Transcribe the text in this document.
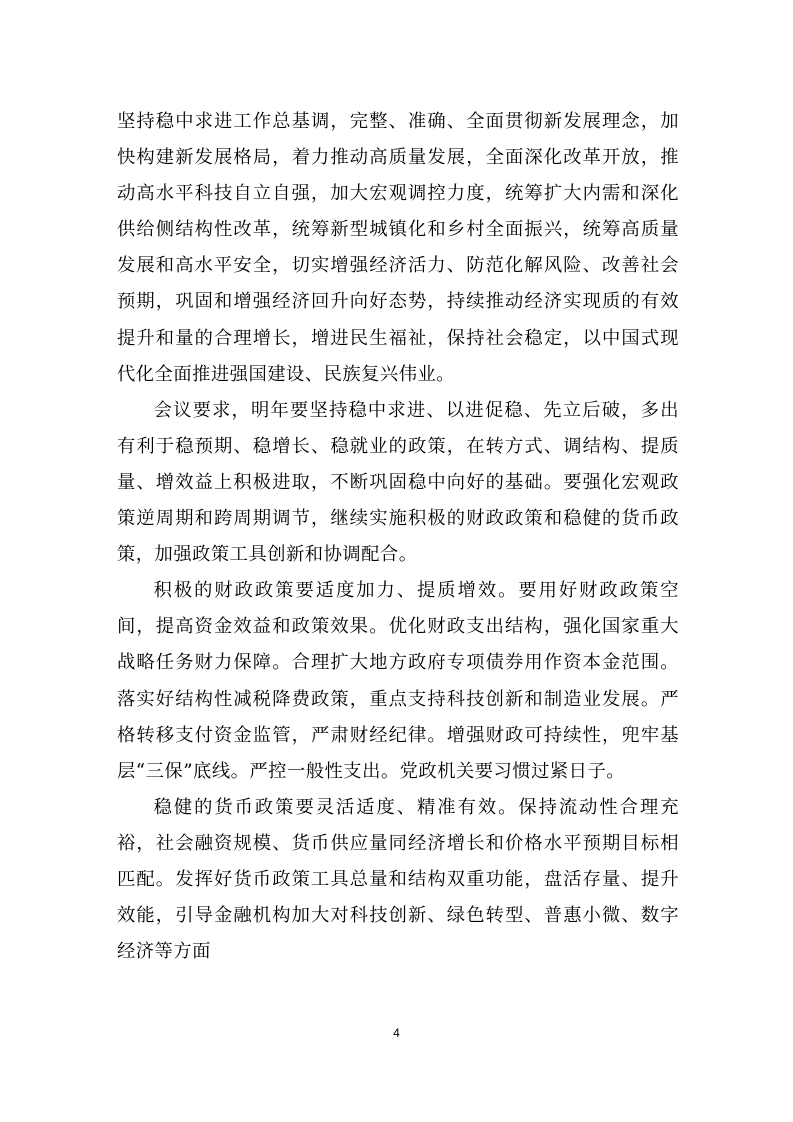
坚持稳中求进工作总基调，完整、准确、全面贯彻新发展理念，加快构建新发展格局，着力推动高质量发展，全面深化改革开放，推动高水平科技自立自强，加大宏观调控力度，统筹扩大内需和深化供给侧结构性改革，统筹新型城镇化和乡村全面振兴，统筹高质量发展和高水平安全，切实增强经济活力、防范化解风险、改善社会预期，巩固和增强经济回升向好态势，持续推动经济实现质的有效提升和量的合理增长，增进民生福祉，保持社会稳定，以中国式现代化全面推进强国建设、民族复兴伟业。

会议要求，明年要坚持稳中求进、以进促稳、先立后破，多出有利于稳预期、稳增长、稳就业的政策，在转方式、调结构、提质量、增效益上积极进取，不断巩固稳中向好的基础。要强化宏观政策逆周期和跨周期调节，继续实施积极的财政政策和稳健的货币政策，加强政策工具创新和协调配合。

积极的财政政策要适度加力、提质增效。要用好财政政策空间，提高资金效益和政策效果。优化财政支出结构，强化国家重大战略任务财力保障。合理扩大地方政府专项债券用作资本金范围。落实好结构性减税降费政策，重点支持科技创新和制造业发展。严格转移支付资金监管，严肃财经纪律。增强财政可持续性，兜牢基层“三保”底线。严控一般性支出。党政机关要习惯过紧日子。

稳健的货币政策要灵活适度、精准有效。保持流动性合理充裕，社会融资规模、货币供应量同经济增长和价格水平预期目标相匹配。发挥好货币政策工具总量和结构双重功能，盘活存量、提升效能，引导金融机构加大对科技创新、绿色转型、普惠小微、数字经济等方面

4
